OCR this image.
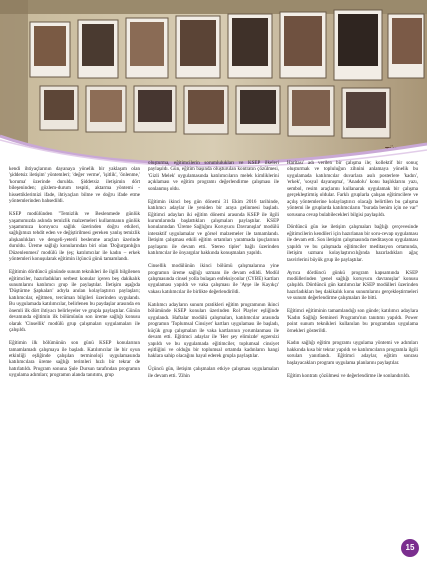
kendi ihtiyaçlarının dayanaya yönelik bir yaklaşım olan 'şiddetsiz iletişim' yöntemleri; 'değer verme', 'işitlik', 'önlenme,' 'koruma' üzerinde durulda. Şiddetsiz iletişimin dört bileşeninden; gözlem-durum tespiti, aktarma yöntemi - hissettiklerimizi ifade, ihtiyaçları bilme ve doğru ifade etme yöntemlerinden bahsedildi.

KSEP modülünden "Temizlik ve Beslenmede günlük yaşamımızda aslında temizlik malzemeleri kullanmanın günlük yaşamımıza koruyucu sağlık üzerinden doğru etkileri, sağlığımızı tehdit eden ve değiştirilmesi gereken yanlış temizlik alışkanlıkları ve dengeli-yeterli beslenme araçları üzerinde duruldu. Üreme sağlığı konularından biri olan 'Doğurganlığın Düzenlenmesi' modülü ile (eş; katılımcılar ile kadın – erkek yöntemleri konuşularak eğitimin ilçüncü günü tamamlandı.

Eğitimin dördüncü gününde sunum teknikleri ile ilgili bilgilenen eğitimciler, hazırladıkları serbest konular içeren beş dakikalık sunumlarını katılımcı grup ile paylaştılar. İletişim aşağıda 'Düştürme Şapkaları' adıyla anılan kolaylaştırıcı paylaşları; katılımcılar, eğitmen, tercüman bilgileri üzerinden uygulandı. Bu uygulamada katılımcılar, belirlenen bu paydaşlar arasında en önemli ilk dört ihtiyacı belirleyeler ve grupla paylaştılar. Günün devamında eğitimin ilk bölümünün son üreme sağlığı konusu olarak 'Cinsellik' modülü grup çalışmaları uygulamaları ile çalışıldı.

Eğitimin ilk bölümünün son günü KSEP konularının tamamlamadı çalışmaya ile başladı. Katılımcılar ile bir oyun etkinliği eşliğinde çalışılan terminoloji uygulamasında katılımcılara üreme sağlığı terimleri hızlı bir tekrar de hatırlatıldı. Program sonuna Şule Dursun tarafından programın uygulama adımları; programın alanda tanıtımı, grup

oluşturma, eğitimcilerin sorumlulukları ve KSEP ilkeleri paylaşıldı. Gün, eğitim başında oluşturulan kontratın çözülmesi, 'Gizli Melek' uygulamasında katılımcıların melek kimliklerini açıklaması ve eğitim programı değerlendirme çalışması ile sonlanmış oldu.

Eğitimin ikinci beş gün dönemi 31 Ekim 2016 tarihinde, katılımcı adaylar ile yeniden bir araya gelinmesi başladı. Eğitimci adayları iki eğitim dönemi arasında KSEP ile ilgili kurumlarında başlattıkları çalışmaları paylaştılar. KSEP konularından 'Üreme Sağlığını Koruyucu Davranışlar' modülü interaktif uygulamalar ve görsel malzemeler ile tamamlandı. İletişim çalışması etkili eğitim ortamları yaratmada ipuçlarının paylaşımı ile devam etti. 'Stereo tipler' bağlı üzerinden katılımcılar ile önyargılar hakkında konuşmaları yapıldı.

Cinsellik modülünün ikinci bölümü çalışmalarına yine programın üreme sağlığı uzmanı ile devam edildi. Modül çalışmasında cinsel yolla bulaşan enfeksiyonlar (CYBE) kartları uygulaması yapıldı ve vaka çalışması ile 'Ayşe ile Kayıkçı' vakası katılımcılar ile birlikte değerlendirildi.

Katılımcı adayların sunum pratikleri eğitim programının ikinci bölümünde KSEP konuları üzerinden Rol Playler eşliğinde uygulandı. Haftalar modülü çalışmaları, katılımcılar arasında programın 'Toplumsal Cinsiyet' kartları uygulaması ile başladı, küçük grup çalışmaları ile vaka kartlarının yorumlanması ile devam etti. Eğitimci adaylar ile 'Her şey elimizde' egzersizi yapıldı ve bu uygulamada eğitimciler, toplumsal cinsiyet eşitliğini ve olduğu bir toplumsal ortamda kadınların hangi haklara sahip olacağını hayal ederek grupla paylaştılar.

Üçüncü gün, iletişim çalışmaları etkiye çalışması uygulamaları ile devam etti. 'Zihin

Haritası' adı verilen bir çalışma ile; kollektif bir sonuç oluşturmak ve topluluğun zihnini anlamaya yönelik bu uygulamada katılımcılar duvarlara asılı posterlere 'kadın', 'erkek', 'sosyal dayanışma', 'Anadolu' konu başlıklarını yazı, sembol, resim araçlarını kullanarak uygulamak bir çalışma gerçekleştirmiş oldular. Farklı gruplarla çalışan eğitimcilere ve açılış yöntemlerine kolaylaştırıcı olacağı belirtilen bu çalışma yöntemi ile gruplarda katılımcıların "burada benim için ne var" sorusuna cevap bulabilecekleri bilgisi paylaşıldı.

Dördüncü gün ise iletişim çalışmaları bağlığı çerçevesinde eğitimcilerin kendileri için hazırlanan bir soru-cevap uygulaması ile devam etti. Son iletişim çalışmasında meditasyon uygulaması yapıldı ve bu çalışmada eğitimciler meditasyon ortamında, iletişim uzmanı kolaylaştırıcılığında hazırladıkları ağaç tasvirlerini büyük grup ile paylaştılar.

Ayrıca dördüncü günkü program kapsamında KSEP modüllerinden 'genel sağlığı koruyucu davranışlar' konusu çalışıldı. Dördüncü gün katılımcılar KSEP modülleri üzerinden hazırladıkları beş dakikalık konu sunumlarını gerçekleştirmeleri ve sunum değerlendirme çalışmaları ile bitti.

Eğitimci eğitiminin tamamlandığı son günde; katılımcı adaylara 'Kadın Sağlığı Semineri Programı'nın tanıtımı yapıldı. Power point sunum teknikleri kullanılan bu programdan uygulama örnekleri gösterildi.

Kadın sağlığı eğitim programı uygulama yöntemi ve adımları hakkında kısa bir tekrar yapıldı ve katılımcıların programla ilgili soruları yanıtlandı. Eğitimci adaylar, eğitim sonrası başlayacakları program uygulama planlarını paylaştılar.

Eğitim kontratı çözülmesi ve değerlendirme ile sonlandırıldı.

15
